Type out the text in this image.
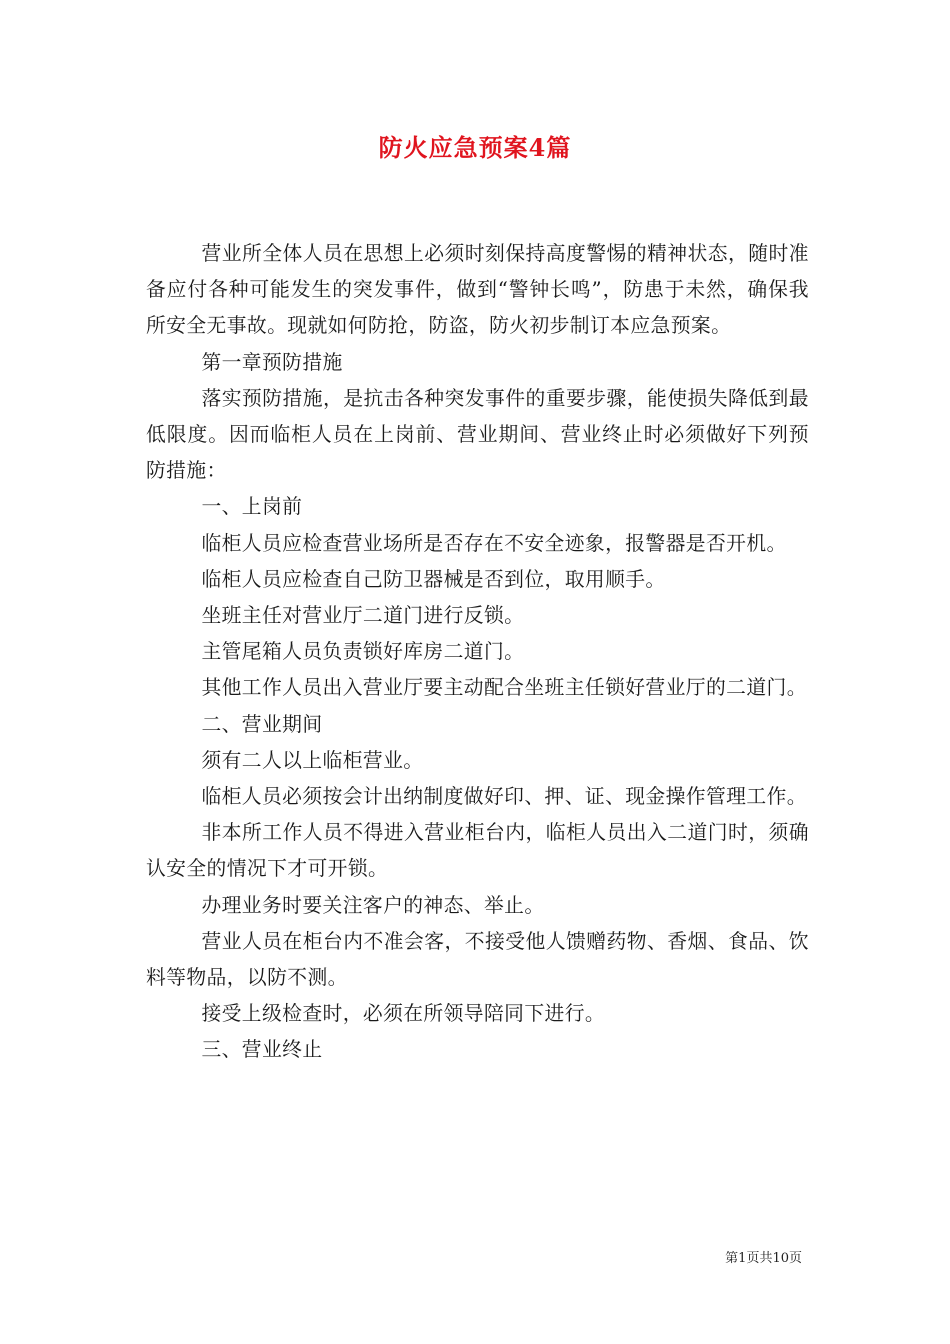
防火应急预案4篇

营业所全体人员在思想上必须时刻保持高度警惕的精神状态，随时准备应付各种可能发生的突发事件，做到“警钟长鸣”，防患于未然，确保我所安全无事故。现就如何防抢，防盗，防火初步制订本应急预案。

第一章预防措施

落实预防措施，是抗击各种突发事件的重要步骤，能使损失降低到最低限度。因而临柜人员在上岗前、营业期间、营业终止时必须做好下列预防措施：

一、上岗前

临柜人员应检查营业场所是否存在不安全迹象，报警器是否开机。

临柜人员应检查自己防卫器械是否到位，取用顺手。

坐班主任对营业厅二道门进行反锁。

主管尾箱人员负责锁好库房二道门。

其他工作人员出入营业厅要主动配合坐班主任锁好营业厅的二道门。

二、营业期间

须有二人以上临柜营业。

临柜人员必须按会计出纳制度做好印、押、证、现金操作管理工作。

非本所工作人员不得进入营业柜台内，临柜人员出入二道门时，须确认安全的情况下才可开锁。

办理业务时要关注客户的神态、举止。

营业人员在柜台内不准会客，不接受他人馈赠药物、香烟、食品、饮料等物品，以防不测。

接受上级检查时，必须在所领导陪同下进行。

三、营业终止

第1页共10页
